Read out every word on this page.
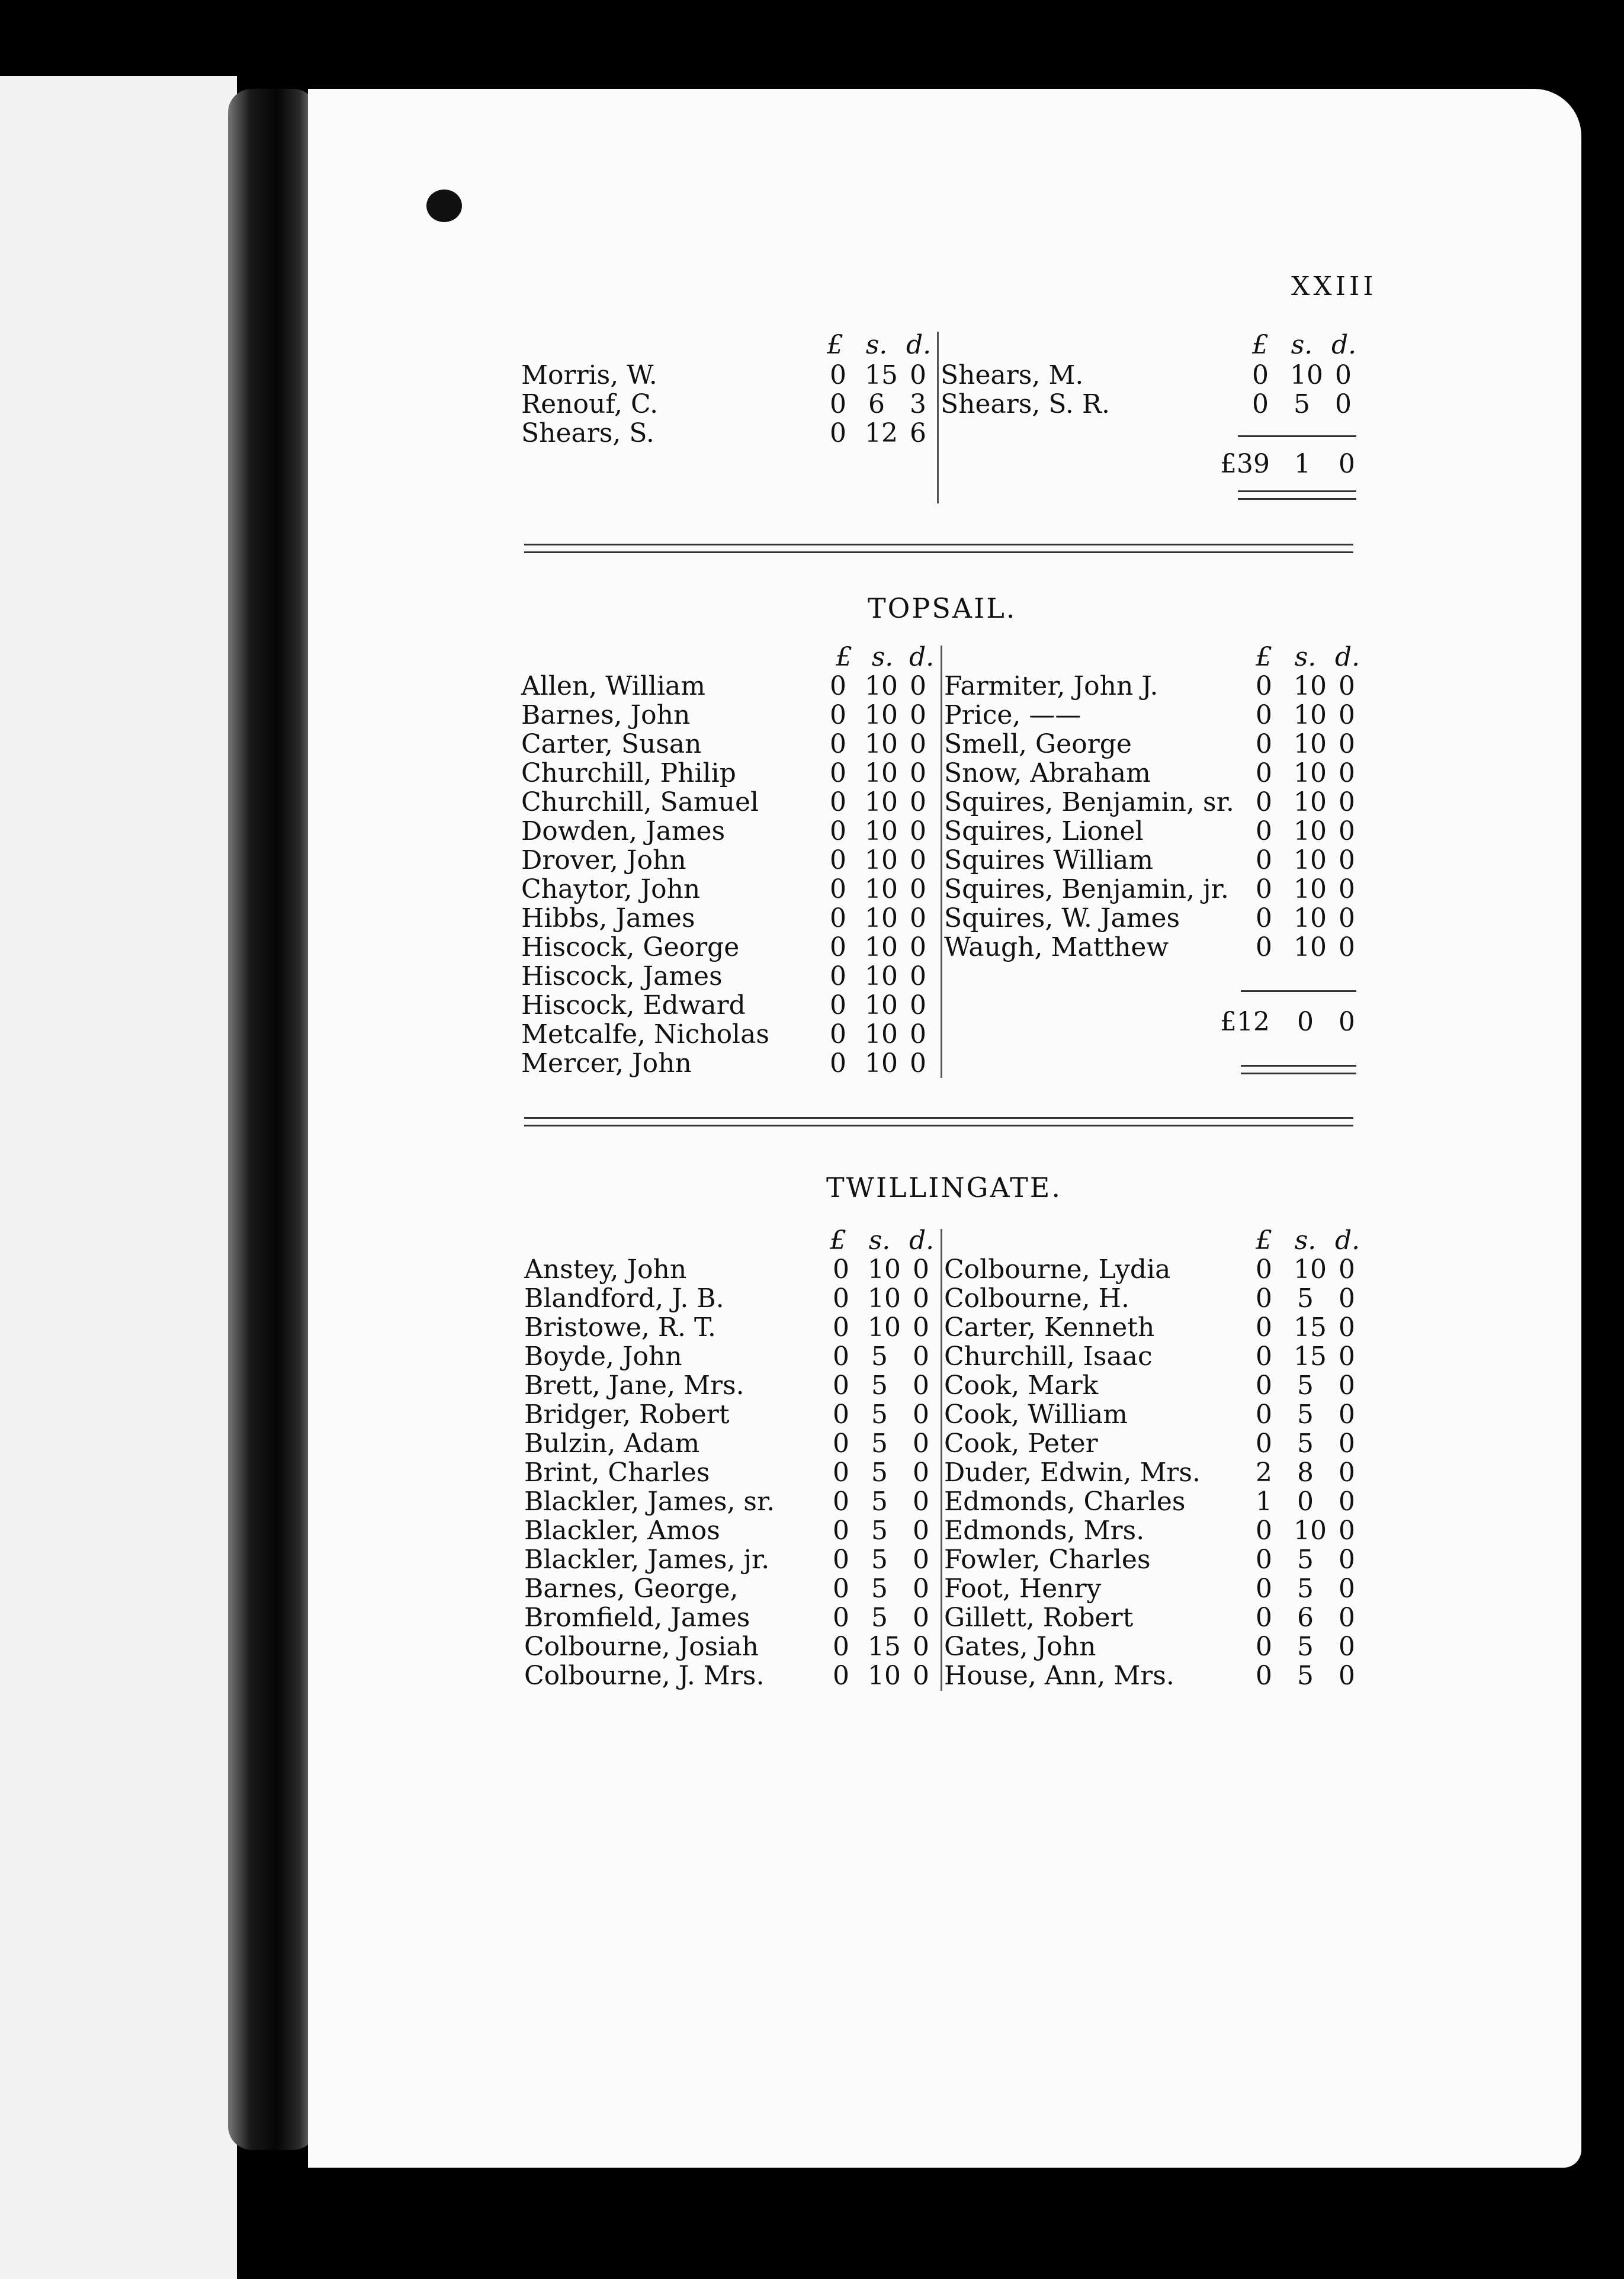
XXIII
£ s. d.
Morris, W.	0 15 0
Renouf, C.	0 6 3
Shears, S.	0 12 6
£ s. d.
Shears, M.	0 10 0
Shears, S. R.	0 5 0
£39 1 0
TOPSAIL.
£ s. d.
Allen, William	0 10 0
Barnes, John	0 10 0
Carter, Susan	0 10 0
Churchill, Philip	0 10 0
Churchill, Samuel	0 10 0
Dowden, James	0 10 0
Drover, John	0 10 0
Chaytor, John	0 10 0
Hibbs, James	0 10 0
Hiscock, George	0 10 0
Hiscock, James	0 10 0
Hiscock, Edward	0 10 0
Metcalfe, Nicholas 0 10 0
Mercer, John	0 10 0
£ s. d.
Farmiter, John J.	0 10 0
Price, ——	0 10 0
Smell, George	0 10 0
Snow, Abraham	0 10 0
Squires, Benjamin, sr. 0 10 0
Squires, Lionel	0 10 0
Squires William	0 10 0
Squires, Benjamin, jr. 0 10 0
Squires, W. James	0 10 0
Waugh, Matthew	0 10 0
£12 0 0
TWILLINGATE.
£ s. d.
Anstey, John	0 10 0
Blandford, J. B.	0 10 0
Bristowe, R. T.	0 10 0
Boyde, John	0 5 0
Brett, Jane, Mrs.	0 5 0
Bridger, Robert	0 5 0
Bulzin, Adam	0 5 0
Brint, Charles	0 5 0
Blackler, James, sr. 0 5 0
Blackler, Amos	0 5 0
Blackler, James, jr. 0 5 0
Barnes, George,	0 5 0
Bromfield, James	0 5 0
Colbourne, Josiah	0 15 0
Colbourne, J. Mrs.	0 10 0
£ s. d.
Colbourne, Lydia	0 10 0
Colbourne, H.	0 5 0
Carter, Kenneth	0 15 0
Churchill, Isaac	0 15 0
Cook, Mark	0 5 0
Cook, William	0 5 0
Cook, Peter	0 5 0
Duder, Edwin, Mrs. 2 8 0
Edmonds, Charles	1 0 0
Edmonds, Mrs.	0 10 0
Fowler, Charles	0 5 0
Foot, Henry	0 5 0
Gillett, Robert	0 6 0
Gates, John	0 5 0
House, Ann, Mrs.	0 5 0
